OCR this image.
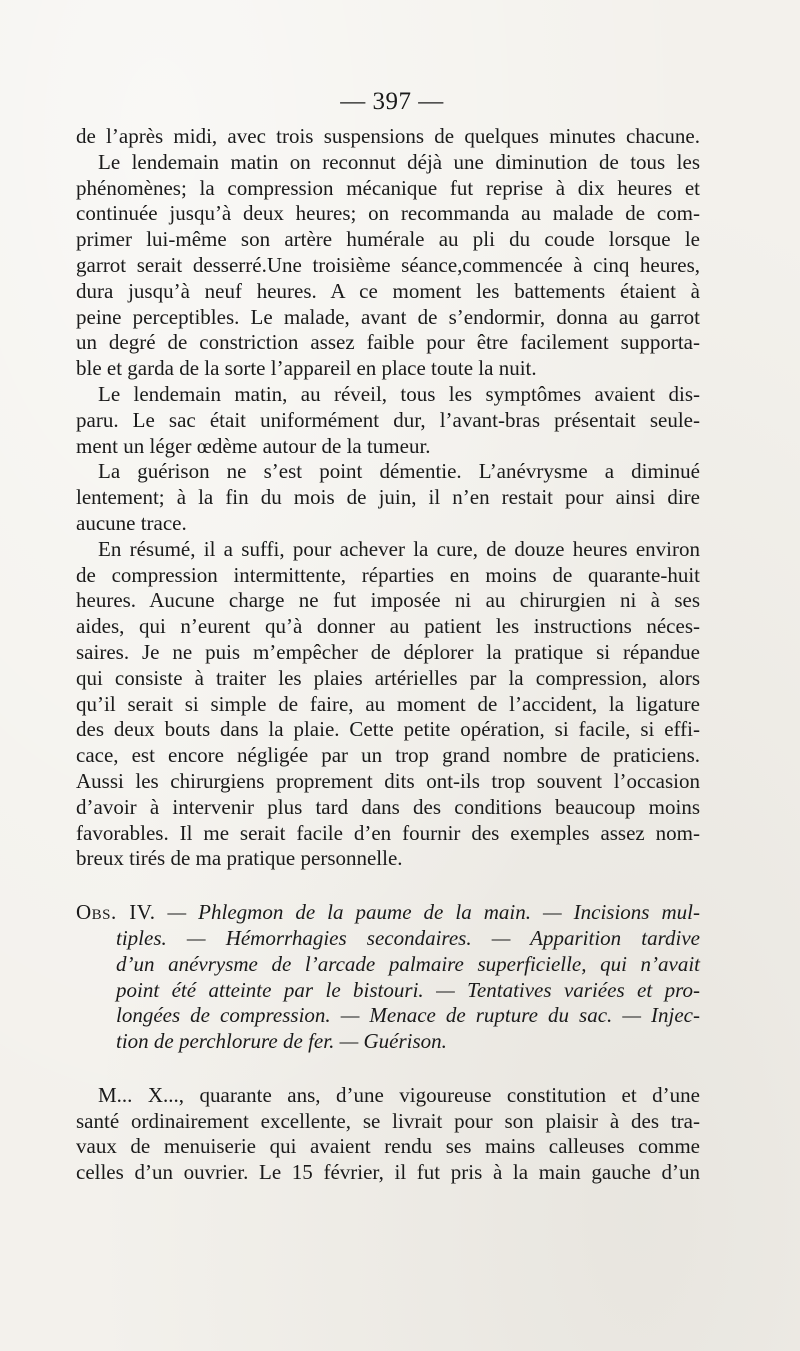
— 397 —
de l’après midi, avec trois suspensions de quelques minutes chacune.
Le lendemain matin on reconnut déjà une diminution de tous les
phénomènes; la compression mécanique fut reprise à dix heures et
continuée jusqu’à deux heures; on recommanda au malade de com-
primer lui-même son artère humérale au pli du coude lorsque le
garrot serait desserré.Une troisième séance,commencée à cinq heures,
dura jusqu’à neuf heures. A ce moment les battements étaient à
peine perceptibles. Le malade, avant de s’endormir, donna au garrot
un degré de constriction assez faible pour être facilement supporta-
ble et garda de la sorte l’appareil en place toute la nuit.
Le lendemain matin, au réveil, tous les symptômes avaient dis-
paru. Le sac était uniformément dur, l’avant-bras présentait seule-
ment un léger œdème autour de la tumeur.
La guérison ne s’est point démentie. L’anévrysme a diminué
lentement; à la fin du mois de juin, il n’en restait pour ainsi dire
aucune trace.
En résumé, il a suffi, pour achever la cure, de douze heures environ
de compression intermittente, réparties en moins de quarante-huit
heures. Aucune charge ne fut imposée ni au chirurgien ni à ses
aides, qui n’eurent qu’à donner au patient les instructions néces-
saires. Je ne puis m’empêcher de déplorer la pratique si répandue
qui consiste à traiter les plaies artérielles par la compression, alors
qu’il serait si simple de faire, au moment de l’accident, la ligature
des deux bouts dans la plaie. Cette petite opération, si facile, si effi-
cace, est encore négligée par un trop grand nombre de praticiens.
Aussi les chirurgiens proprement dits ont-ils trop souvent l’occasion
d’avoir à intervenir plus tard dans des conditions beaucoup moins
favorables. Il me serait facile d’en fournir des exemples assez nom-
breux tirés de ma pratique personnelle.
Obs. IV. — Phlegmon de la paume de la main. — Incisions mul-
tiples. — Hémorrhagies secondaires. — Apparition tardive
d’un anévrysme de l’arcade palmaire superficielle, qui n’avait
point été atteinte par le bistouri. — Tentatives variées et pro-
longées de compression. — Menace de rupture du sac. — Injec-
tion de perchlorure de fer. — Guérison.
M... X..., quarante ans, d’une vigoureuse constitution et d’une
santé ordinairement excellente, se livrait pour son plaisir à des tra-
vaux de menuiserie qui avaient rendu ses mains calleuses comme
celles d’un ouvrier. Le 15 février, il fut pris à la main gauche d’un
